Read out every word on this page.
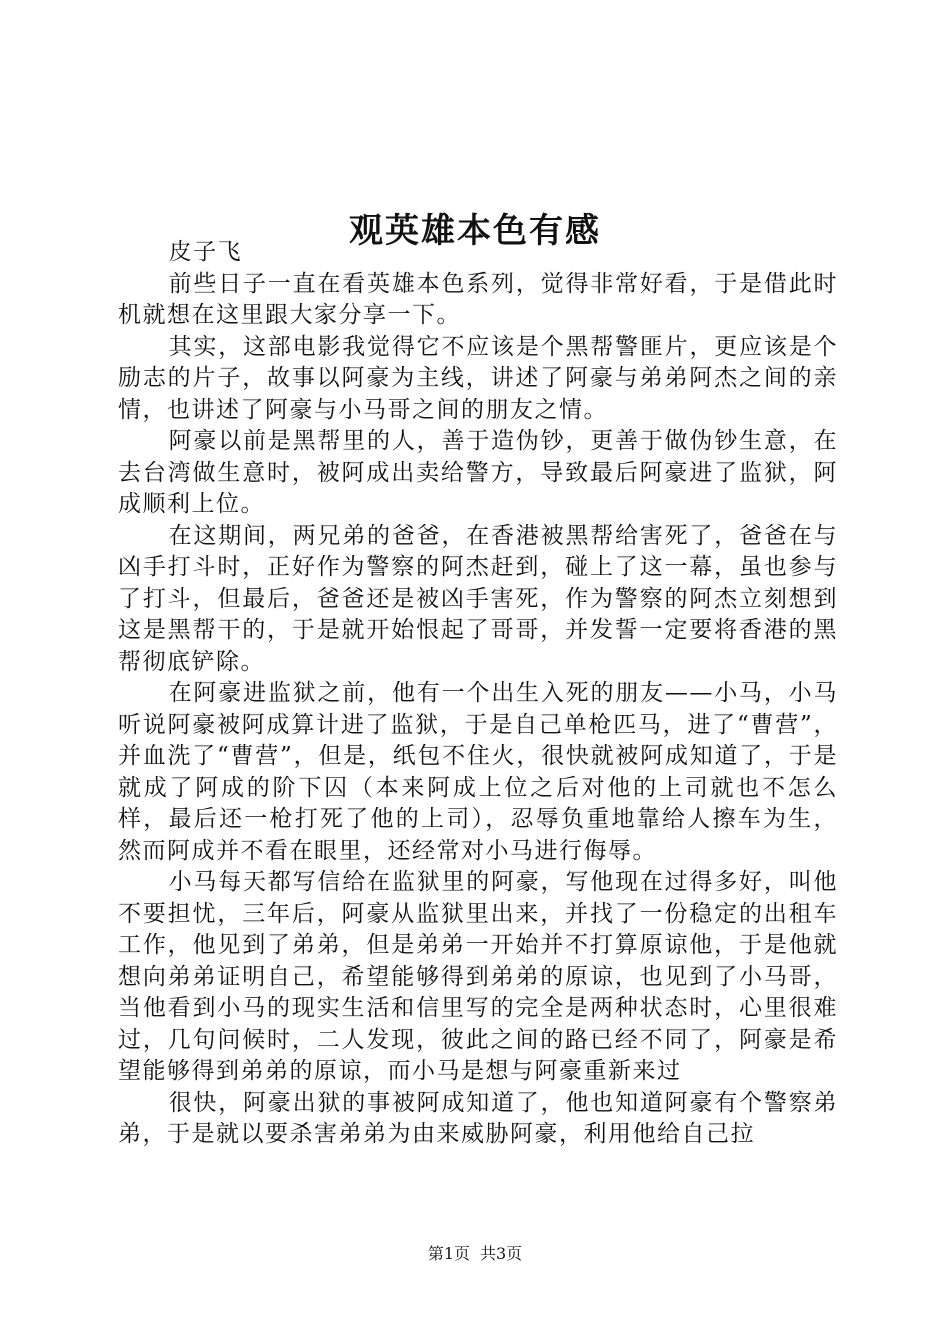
观英雄本色有感

皮子飞

前些日子一直在看英雄本色系列，觉得非常好看，于是借此时机就想在这里跟大家分享一下。

其实，这部电影我觉得它不应该是个黑帮警匪片，更应该是个励志的片子，故事以阿豪为主线，讲述了阿豪与弟弟阿杰之间的亲情，也讲述了阿豪与小马哥之间的朋友之情。

阿豪以前是黑帮里的人，善于造伪钞，更善于做伪钞生意，在去台湾做生意时，被阿成出卖给警方，导致最后阿豪进了监狱，阿成顺利上位。

在这期间，两兄弟的爸爸，在香港被黑帮给害死了，爸爸在与凶手打斗时，正好作为警察的阿杰赶到，碰上了这一幕，虽也参与了打斗，但最后，爸爸还是被凶手害死，作为警察的阿杰立刻想到这是黑帮干的，于是就开始恨起了哥哥，并发誓一定要将香港的黑帮彻底铲除。

在阿豪进监狱之前，他有一个出生入死的朋友——小马，小马听说阿豪被阿成算计进了监狱，于是自己单枪匹马，进了“曹营”，并血洗了“曹营”，但是，纸包不住火，很快就被阿成知道了，于是就成了阿成的阶下囚（本来阿成上位之后对他的上司就也不怎么样，最后还一枪打死了他的上司），忍辱负重地靠给人擦车为生，然而阿成并不看在眼里，还经常对小马进行侮辱。

小马每天都写信给在监狱里的阿豪，写他现在过得多好，叫他不要担忧，三年后，阿豪从监狱里出来，并找了一份稳定的出租车工作，他见到了弟弟，但是弟弟一开始并不打算原谅他，于是他就想向弟弟证明自己，希望能够得到弟弟的原谅，也见到了小马哥，当他看到小马的现实生活和信里写的完全是两种状态时，心里很难过，几句问候时，二人发现，彼此之间的路已经不同了，阿豪是希望能够得到弟弟的原谅，而小马是想与阿豪重新来过

很快，阿豪出狱的事被阿成知道了，他也知道阿豪有个警察弟弟，于是就以要杀害弟弟为由来威胁阿豪，利用他给自己拉

第1页 共3页
